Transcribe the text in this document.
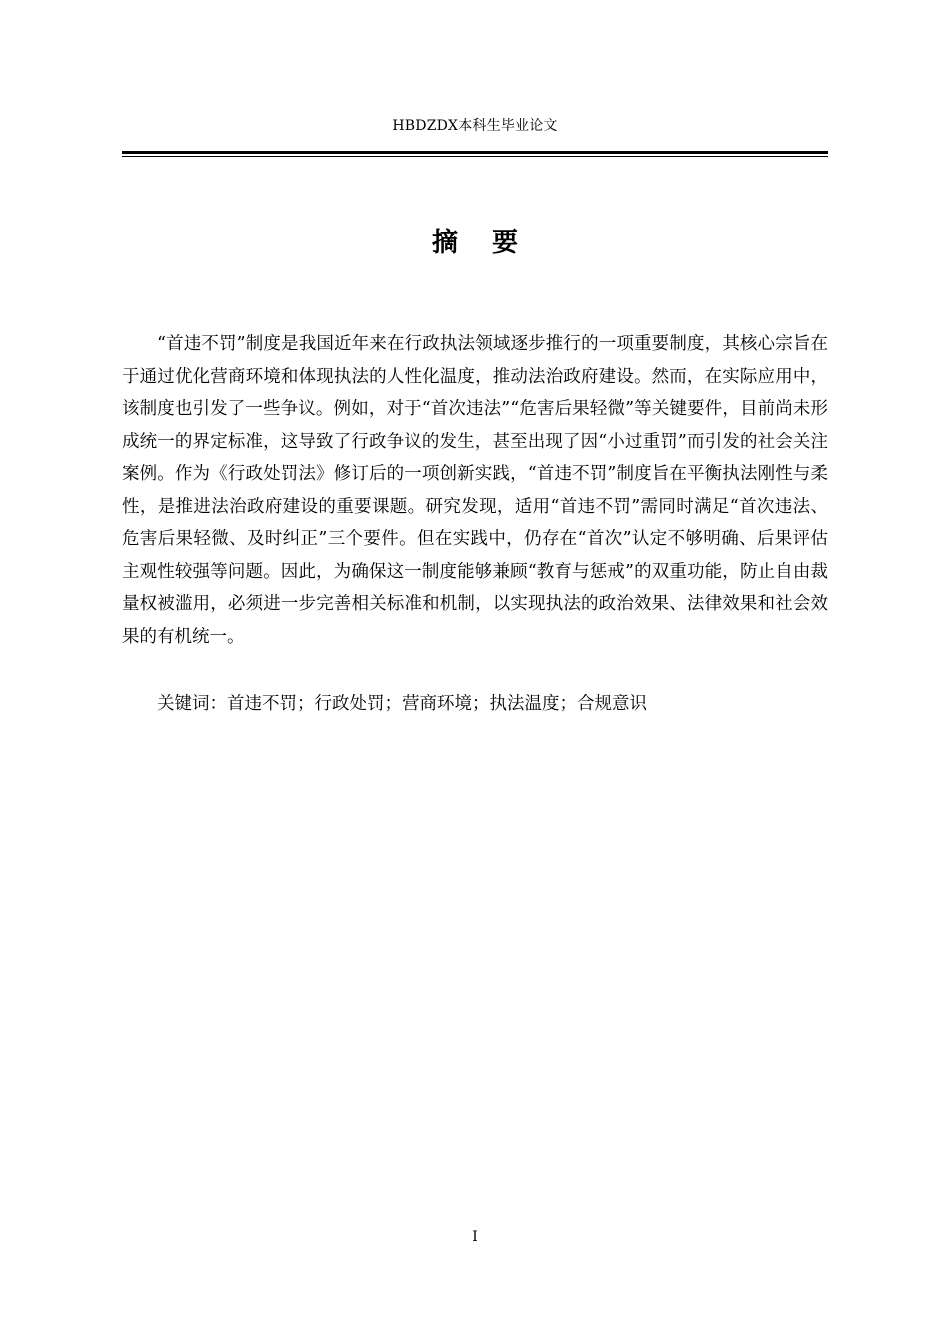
HBDZDX本科生毕业论文
摘要

“首违不罚”制度是我国近年来在行政执法领域逐步推行的一项重要制度，其核心宗旨在于通过优化营商环境和体现执法的人性化温度，推动法治政府建设。然而，在实际应用中，该制度也引发了一些争议。例如，对于“首次违法”“危害后果轻微”等关键要件，目前尚未形成统一的界定标准，这导致了行政争议的发生，甚至出现了因“小过重罚”而引发的社会关注案例。作为《行政处罚法》修订后的一项创新实践，“首违不罚”制度旨在平衡执法刚性与柔性，是推进法治政府建设的重要课题。研究发现，适用“首违不罚”需同时满足“首次违法、危害后果轻微、及时纠正”三个要件。但在实践中，仍存在“首次”认定不够明确、后果评估主观性较强等问题。因此，为确保这一制度能够兼顾“教育与惩戒”的双重功能，防止自由裁量权被滥用，必须进一步完善相关标准和机制，以实现执法的政治效果、法律效果和社会效果的有机统一。

关键词：首违不罚；行政处罚；营商环境；执法温度；合规意识

I
